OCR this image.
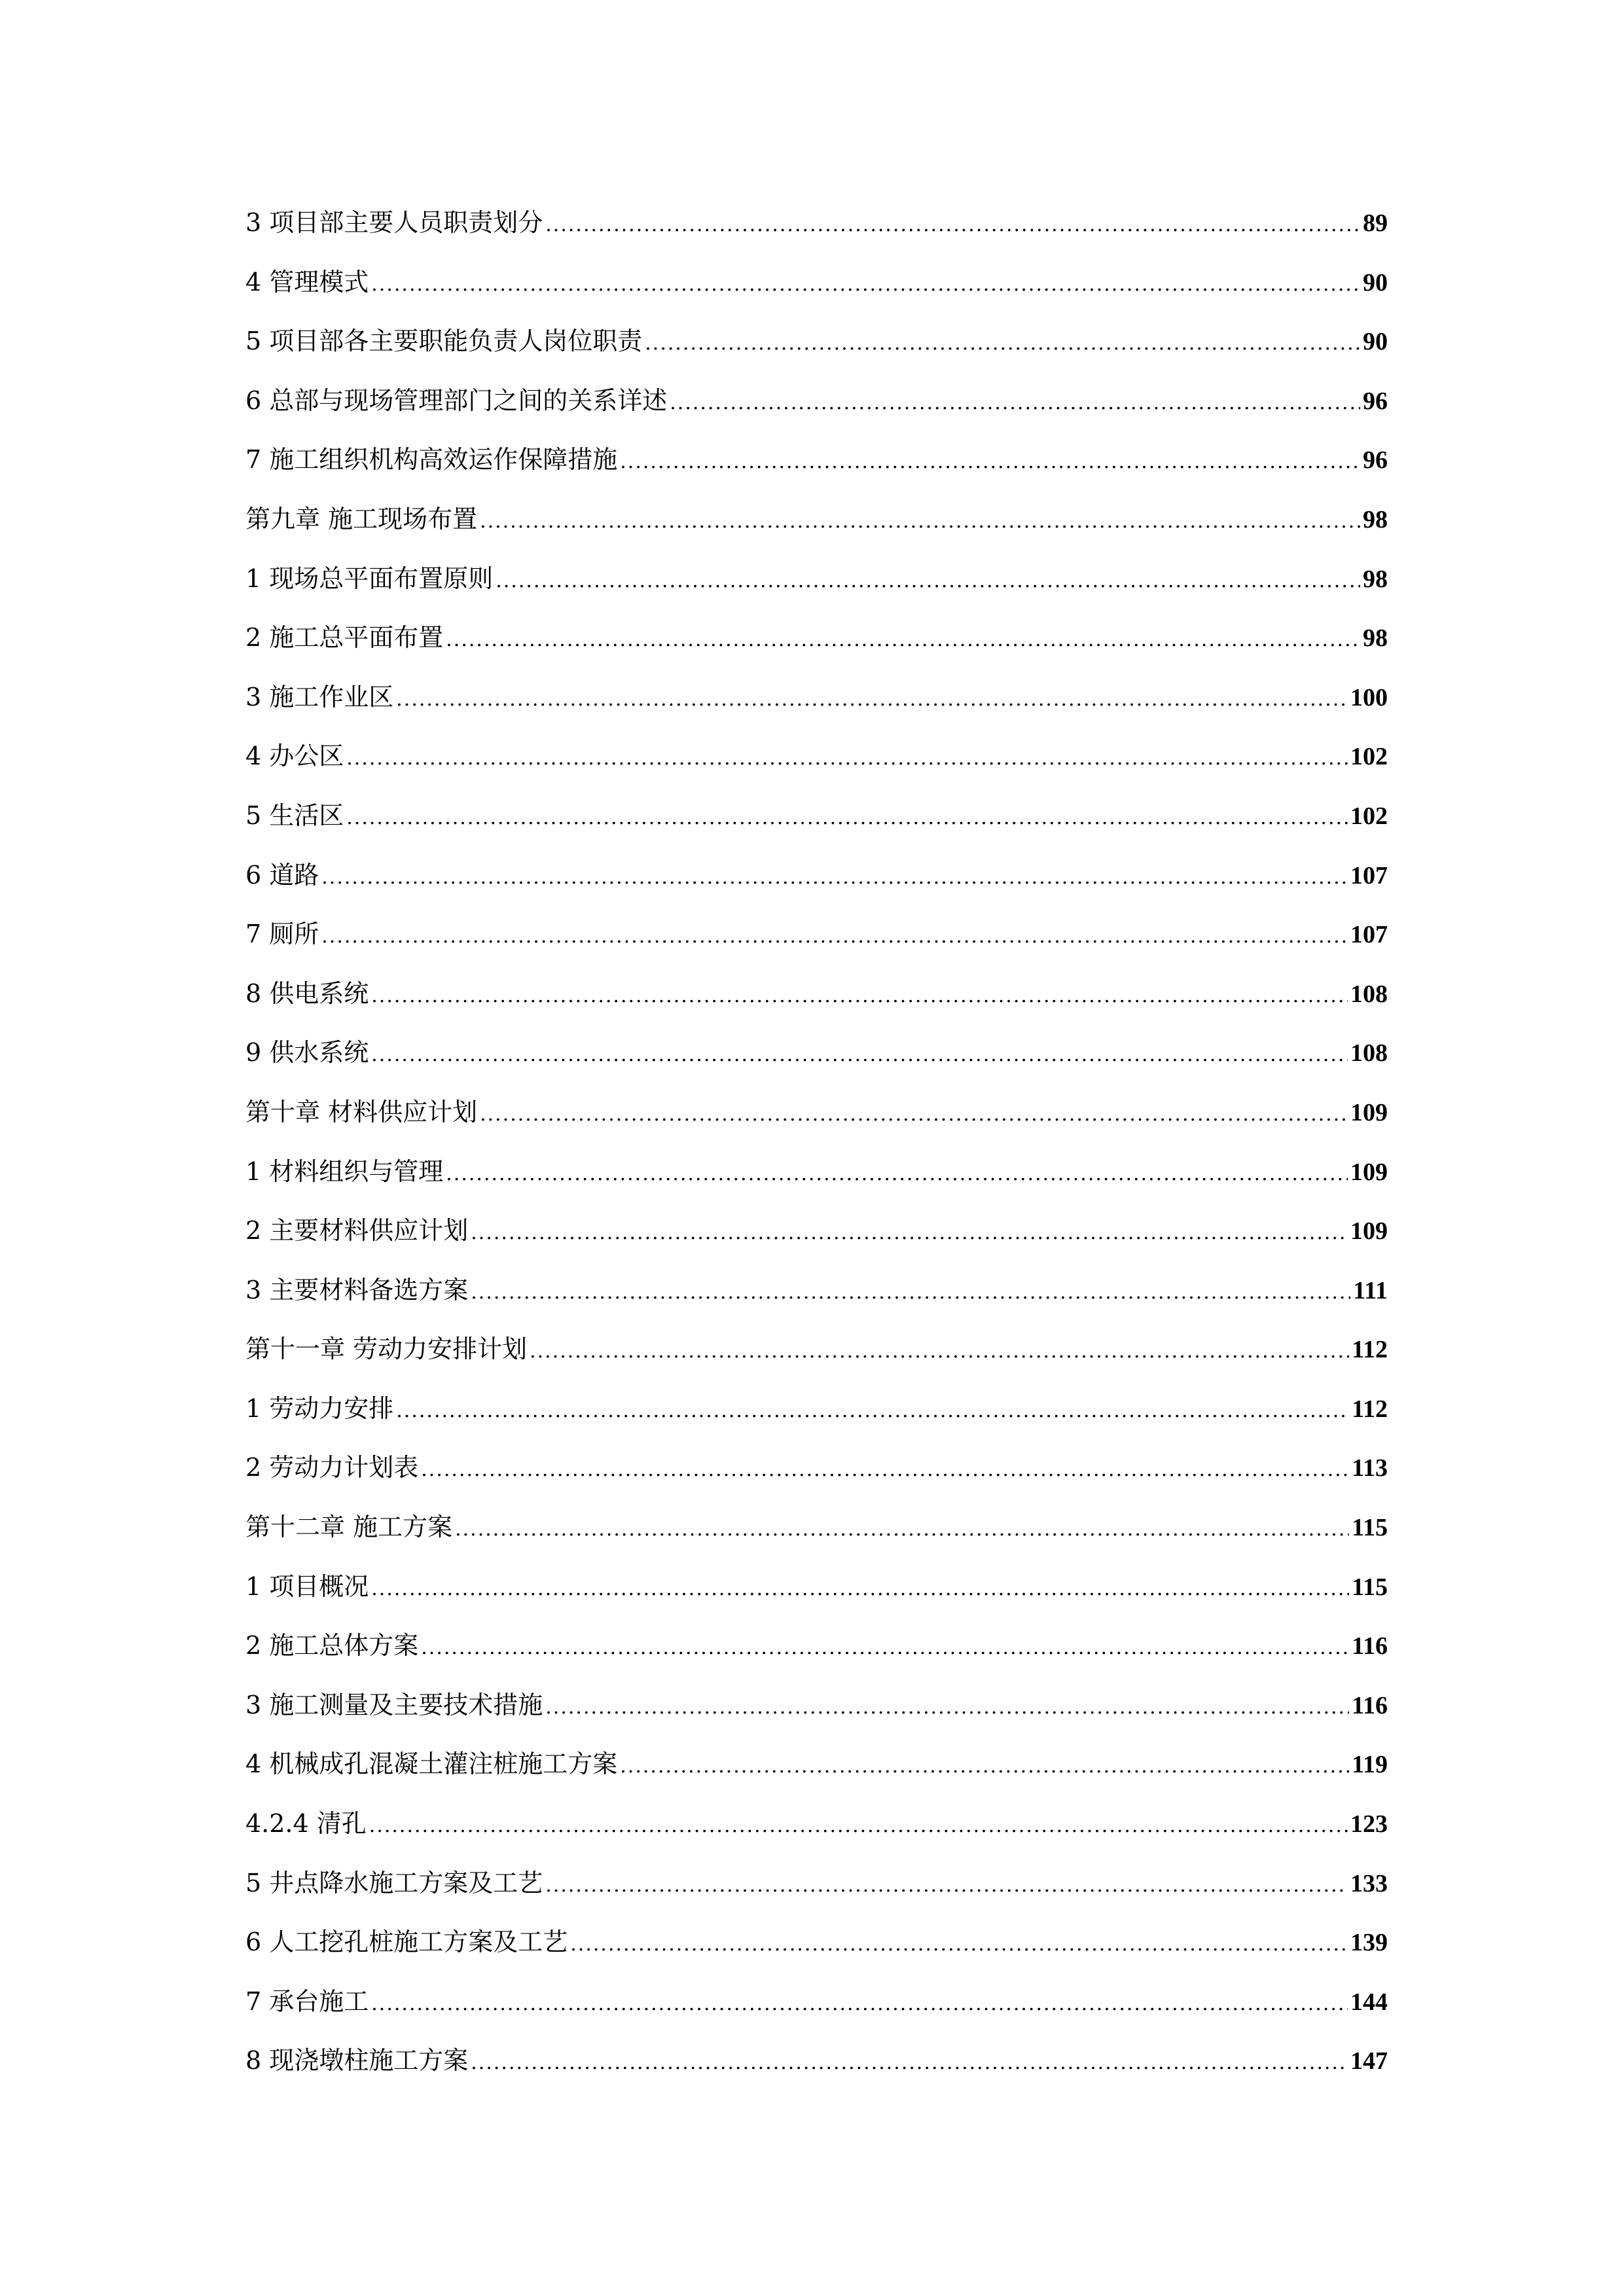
3 项目部主要人员职责划分 .....	89
4 管理模式 .....	90
5 项目部各主要职能负责人岗位职责 .....	90
6 总部与现场管理部门之间的关系详述 .....	96
7 施工组织机构高效运作保障措施 .....	96
第九章 施工现场布置 .....	98
1 现场总平面布置原则 .....	98
2 施工总平面布置 .....	98
3 施工作业区 .....	100
4 办公区 .....	102
5 生活区 .....	102
6 道路 .....	107
7 厕所 .....	107
8 供电系统 .....	108
9 供水系统 .....	108
第十章 材料供应计划 .....	109
1 材料组织与管理 .....	109
2 主要材料供应计划 .....	109
3 主要材料备选方案 .....	111
第十一章 劳动力安排计划 .....	112
1 劳动力安排 .....	112
2 劳动力计划表 .....	113
第十二章 施工方案 .....	115
1 项目概况 .....	115
2 施工总体方案 .....	116
3 施工测量及主要技术措施 .....	116
4 机械成孔混凝土灌注桩施工方案 .....	119
4.2.4 清孔 .....	123
5 井点降水施工方案及工艺 .....	133
6 人工挖孔桩施工方案及工艺 .....	139
7 承台施工 .....	144
8 现浇墩柱施工方案 .....	147
